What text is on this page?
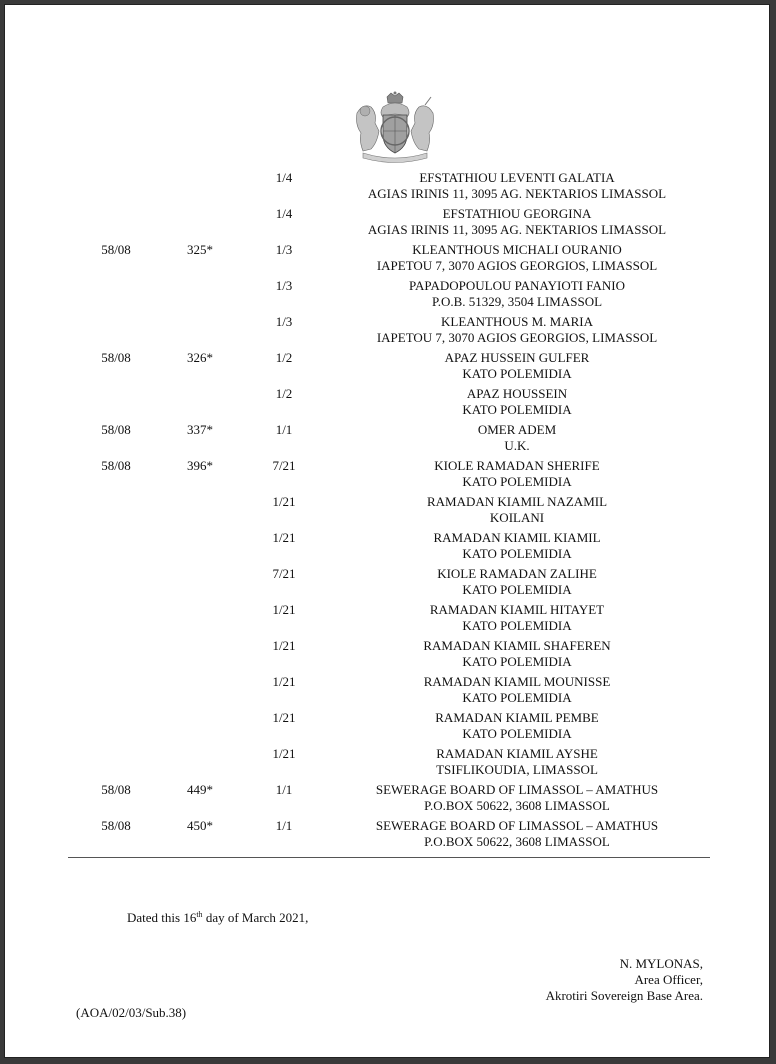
1/4	EFSTATHIOU LEVENTI GALATIA
AGIAS IRINIS 11, 3095 AG. NEKTARIOS LIMASSOL
1/4	EFSTATHIOU GEORGINA
AGIAS IRINIS 11, 3095 AG. NEKTARIOS LIMASSOL
58/08	325*	1/3	KLEANTHOUS MICHALI OURANIO
IAPETOU 7, 3070 AGIOS GEORGIOS, LIMASSOL
1/3	PAPADOPOULOU PANAYIOTI FANIO
P.O.B. 51329, 3504 LIMASSOL
1/3	KLEANTHOUS M. MARIA
IAPETOU 7, 3070 AGIOS GEORGIOS, LIMASSOL
58/08	326*	1/2	APAZ HUSSEIN GULFER
KATO POLEMIDIA
1/2	APAZ HOUSSEIN
KATO POLEMIDIA
58/08	337*	1/1	OMER ADEM
U.K.
58/08	396*	7/21	KIOLE RAMADAN SHERIFE
KATO POLEMIDIA
1/21	RAMADAN KIAMIL NAZAMIL
KOILANI
1/21	RAMADAN KIAMIL KIAMIL
KATO POLEMIDIA
7/21	KIOLE RAMADAN ZALIHE
KATO POLEMIDIA
1/21	RAMADAN KIAMIL HITAYET
KATO POLEMIDIA
1/21	RAMADAN KIAMIL SHAFEREN
KATO POLEMIDIA
1/21	RAMADAN KIAMIL MOUNISSE
KATO POLEMIDIA
1/21	RAMADAN KIAMIL PEMBE
KATO POLEMIDIA
1/21	RAMADAN KIAMIL AYSHE
TSIFLIKOUDIA, LIMASSOL
58/08	449*	1/1	SEWERAGE BOARD OF LIMASSOL – AMATHUS
P.O.BOX 50622, 3608 LIMASSOL
58/08	450*	1/1	SEWERAGE BOARD OF LIMASSOL – AMATHUS
P.O.BOX 50622, 3608 LIMASSOL
Dated this 16th day of March 2021,
N. MYLONAS,
Area Officer,
Akrotiri Sovereign Base Area.
(AOA/02/03/Sub.38)
